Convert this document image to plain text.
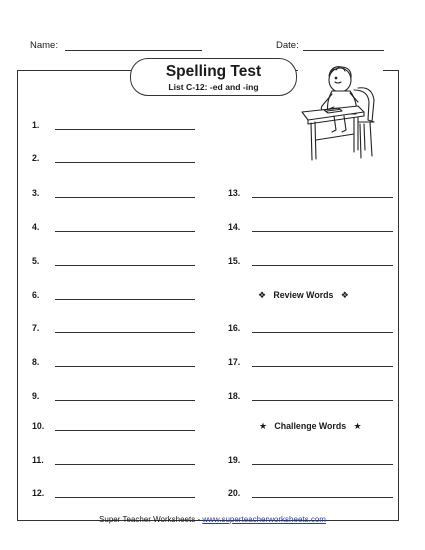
Name:	Date:
Spelling Test
List C-12: -ed and -ing
1.
2.
3.
4.
5.
6.
7.
8.
9.
10.
11.
12.
13.
14.
15.
❖ Review Words ❖
16.
17.
18.
★ Challenge Words ★
19.
20.
Super Teacher Worksheets - www.superteacherworksheets.com
